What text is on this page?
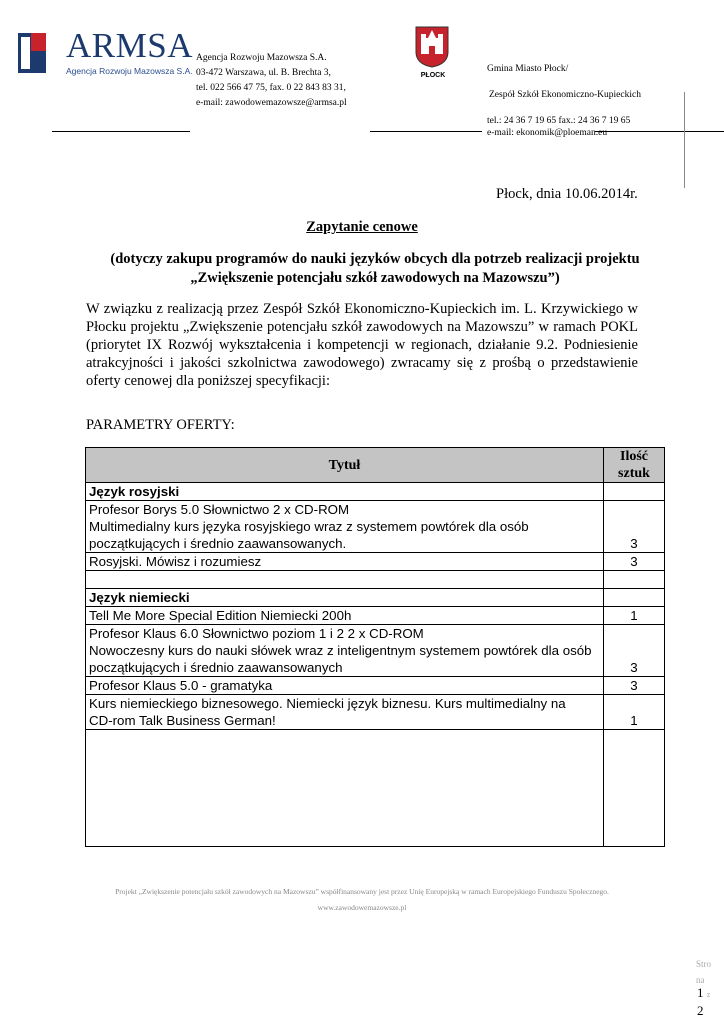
ARMSA
Agencja Rozwoju Mazowsza S.A.
Agencja Rozwoju Mazowsza S.A.
03-472 Warszawa, ul. B. Brechta 3,
tel. 022 566 47 75, fax. 0 22 843 83 31,
e-mail: zawodowemazowsze@armsa.pl
PŁOCK
Gmina Miasto Płock/
Zespół Szkół Ekonomiczno-Kupieckich
tel.: 24 36 7 19 65 fax.: 24 36 7 19 65
e-mail: ekonomik@ploeman.eu
Płock, dnia 10.06.2014r.
Zapytanie cenowe
(dotyczy zakupu programów do nauki języków obcych dla potrzeb realizacji projektu
„Zwiększenie potencjału szkół zawodowych na Mazowszu”)
W związku z realizacją przez Zespół Szkół Ekonomiczno-Kupieckich im. L. Krzywickiego w Płocku projektu „Zwiększenie potencjału szkół zawodowych na Mazowszu” w ramach POKL (priorytet IX Rozwój wykształcenia i kompetencji w regionach, działanie 9.2. Podniesienie atrakcyjności i jakości szkolnictwa zawodowego) zwracamy się z prośbą o przedstawienie oferty cenowej dla poniższej specyfikacji:
PARAMETRY OFERTY:
Tytuł	Ilość
sztuk

Język rosyjski	

Profesor Borys 5.0 Słownictwo 2 x CD-ROM
Multimedialny kurs języka rosyjskiego wraz z systemem powtórek dla osób
początkujących i średnio zaawansowanych.	3
Rosyjski. Mówisz i rozumiesz	3

Język niemiecki	
Tell Me More Special Edition Niemiecki 200h	1

Profesor Klaus 6.0 Słownictwo poziom 1 i 2 2 x CD-ROM
Nowoczesny kurs do nauki słówek wraz z inteligentnym systemem powtórek dla osób
początkujących i średnio zaawansowanych	3
Profesor Klaus 5.0 - gramatyka	3

Kurs niemieckiego biznesowego. Niemiecki język biznesu. Kurs multimedialny na
CD-rom Talk Business German!	1

Projekt „Zwiększenie potencjału szkół zawodowych na Mazowszu” współfinansowany jest przez Unię Europejską w ramach Europejskiego Funduszu Społecznego.
www.zawodowemazowsze.pl
Stro
na
1 z
2
